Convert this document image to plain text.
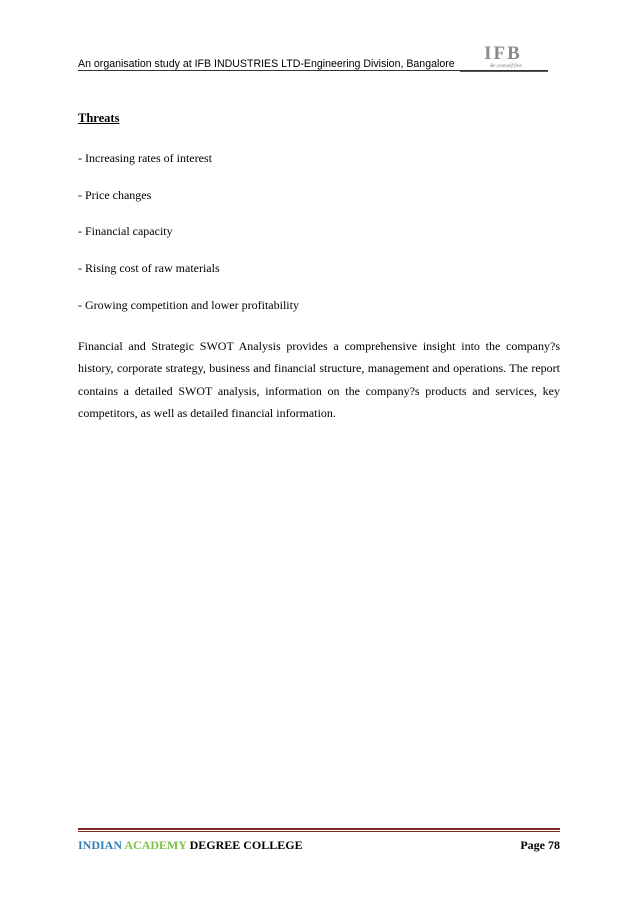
An organisation study at IFB INDUSTRIES LTD-Engineering Division, Bangalore IFB
Be yourself free

Threats

- Increasing rates of interest

- Price changes

- Financial capacity

- Rising cost of raw materials

- Growing competition and lower profitability

Financial and Strategic SWOT Analysis provides a comprehensive insight into the company?s history, corporate strategy, business and financial structure, management and operations. The report contains a detailed SWOT analysis, information on the company?s products and services, key competitors, as well as detailed financial information.

INDIAN ACADEMY DEGREE COLLEGE	Page 78
